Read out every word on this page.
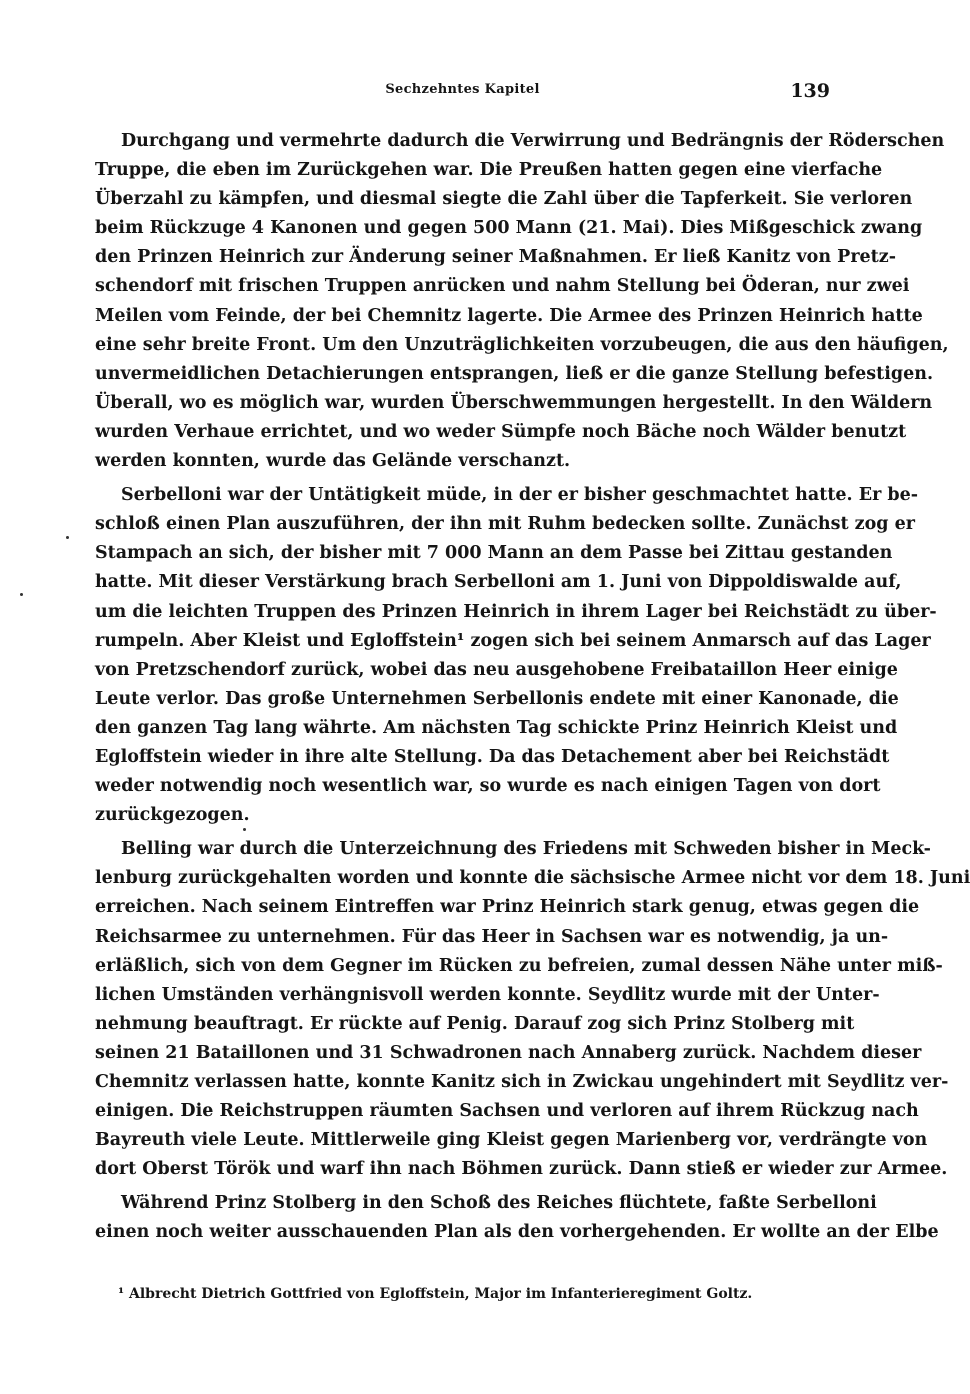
Sechzehntes Kapitel	139
Durchgang und vermehrte dadurch die Verwirrung und Bedrängnis der Röderschen
Truppe, die eben im Zurückgehen war. Die Preußen hatten gegen eine vierfache
Überzahl zu kämpfen, und diesmal siegte die Zahl über die Tapferkeit. Sie verloren
beim Rückzuge 4 Kanonen und gegen 500 Mann (21. Mai). Dies Mißgeschick zwang
den Prinzen Heinrich zur Änderung seiner Maßnahmen. Er ließ Kanitz von Pretz-
schendorf mit frischen Truppen anrücken und nahm Stellung bei Öderan, nur zwei
Meilen vom Feinde, der bei Chemnitz lagerte. Die Armee des Prinzen Heinrich hatte
eine sehr breite Front. Um den Unzuträglichkeiten vorzubeugen, die aus den häufigen,
unvermeidlichen Detachierungen entsprangen, ließ er die ganze Stellung befestigen.
Überall, wo es möglich war, wurden Überschwemmungen hergestellt. In den Wäldern
wurden Verhaue errichtet, und wo weder Sümpfe noch Bäche noch Wälder benutzt
werden konnten, wurde das Gelände verschanzt.
Serbelloni war der Untätigkeit müde, in der er bisher geschmachtet hatte. Er be-
schloß einen Plan auszuführen, der ihn mit Ruhm bedecken sollte. Zunächst zog er
Stampach an sich, der bisher mit 7 000 Mann an dem Passe bei Zittau gestanden
hatte. Mit dieser Verstärkung brach Serbelloni am 1. Juni von Dippoldiswalde auf,
um die leichten Truppen des Prinzen Heinrich in ihrem Lager bei Reichstädt zu über-
rumpeln. Aber Kleist und Egloffstein¹ zogen sich bei seinem Anmarsch auf das Lager
von Pretzschendorf zurück, wobei das neu ausgehobene Freibataillon Heer einige
Leute verlor. Das große Unternehmen Serbellonis endete mit einer Kanonade, die
den ganzen Tag lang währte. Am nächsten Tag schickte Prinz Heinrich Kleist und
Egloffstein wieder in ihre alte Stellung. Da das Detachement aber bei Reichstädt
weder notwendig noch wesentlich war, so wurde es nach einigen Tagen von dort
zurückgezogen.
Belling war durch die Unterzeichnung des Friedens mit Schweden bisher in Meck-
lenburg zurückgehalten worden und konnte die sächsische Armee nicht vor dem 18. Juni
erreichen. Nach seinem Eintreffen war Prinz Heinrich stark genug, etwas gegen die
Reichsarmee zu unternehmen. Für das Heer in Sachsen war es notwendig, ja un-
erläßlich, sich von dem Gegner im Rücken zu befreien, zumal dessen Nähe unter miß-
lichen Umständen verhängnisvoll werden konnte. Seydlitz wurde mit der Unter-
nehmung beauftragt. Er rückte auf Penig. Darauf zog sich Prinz Stolberg mit
seinen 21 Bataillonen und 31 Schwadronen nach Annaberg zurück. Nachdem dieser
Chemnitz verlassen hatte, konnte Kanitz sich in Zwickau ungehindert mit Seydlitz ver-
einigen. Die Reichstruppen räumten Sachsen und verloren auf ihrem Rückzug nach
Bayreuth viele Leute. Mittlerweile ging Kleist gegen Marienberg vor, verdrängte von
dort Oberst Török und warf ihn nach Böhmen zurück. Dann stieß er wieder zur Armee.
Während Prinz Stolberg in den Schoß des Reiches flüchtete, faßte Serbelloni
einen noch weiter ausschauenden Plan als den vorhergehenden. Er wollte an der Elbe
¹ Albrecht Dietrich Gottfried von Egloffstein, Major im Infanterieregiment Goltz.
